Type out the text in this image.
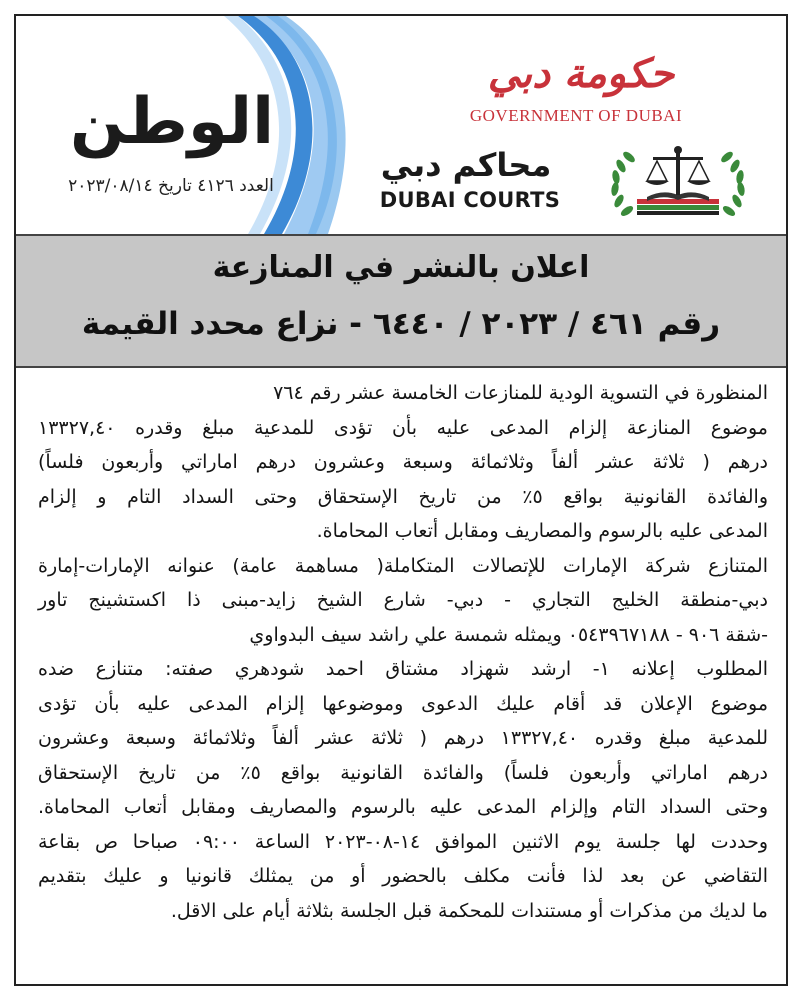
الوطن
العدد ٤١٢٦ تاريخ ٢٠٢٣/٠٨/١٤
حكومة دبي
GOVERNMENT OF DUBAI
محاكم دبي
DUBAI COURTS
اعلان بالنشر في المنازعة
رقم ٤٦١ / ٢٠٢٣ / ٦٤٤٠ - نزاع محدد القيمة
المنظورة في التسوية الودية للمنازعات الخامسة عشر رقم ٧٦٤
موضوع المنازعة إلزام المدعى عليه بأن تؤدى للمدعية مبلغ وقدره ١٣٣٢٧,٤٠
درهم ( ثلاثة عشر ألفاً وثلاثمائة وسبعة وعشرون درهم اماراتي وأربعون فلساً)
والفائدة القانونية بواقع ٥٪ من تاريخ الإستحقاق وحتى السداد التام و إلزام
المدعى عليه بالرسوم والمصاريف ومقابل أتعاب المحاماة.
المتنازع شركة الإمارات للإتصالات المتكاملة( مساهمة عامة) عنوانه الإمارات-إمارة
دبي-منطقة الخليج التجاري - دبي- شارع الشيخ زايد-مبنى ذا اكستشينج تاور
-شقة ٩٠٦ - ٠٥٤٣٩٦٧١٨٨ ويمثله شمسة علي راشد سيف البدواوي
المطلوب إعلانه ١- ارشد شهزاد مشتاق احمد شودهري صفته: متنازع ضده
موضوع الإعلان قد أقام عليك الدعوى وموضوعها إلزام المدعى عليه بأن تؤدى
للمدعية مبلغ وقدره ١٣٣٢٧,٤٠ درهم ( ثلاثة عشر ألفاً وثلاثمائة وسبعة وعشرون
درهم اماراتي وأربعون فلساً) والفائدة القانونية بواقع ٥٪ من تاريخ الإستحقاق
وحتى السداد التام وإلزام المدعى عليه بالرسوم والمصاريف ومقابل أتعاب المحاماة.
وحددت لها جلسة يوم الاثنين الموافق ١٤-٠٨-٢٠٢٣ الساعة ٠٩:٠٠ صباحا ص بقاعة
التقاضي عن بعد لذا فأنت مكلف بالحضور أو من يمثلك قانونيا و عليك بتقديم
ما لديك من مذكرات أو مستندات للمحكمة قبل الجلسة بثلاثة أيام على الاقل.
